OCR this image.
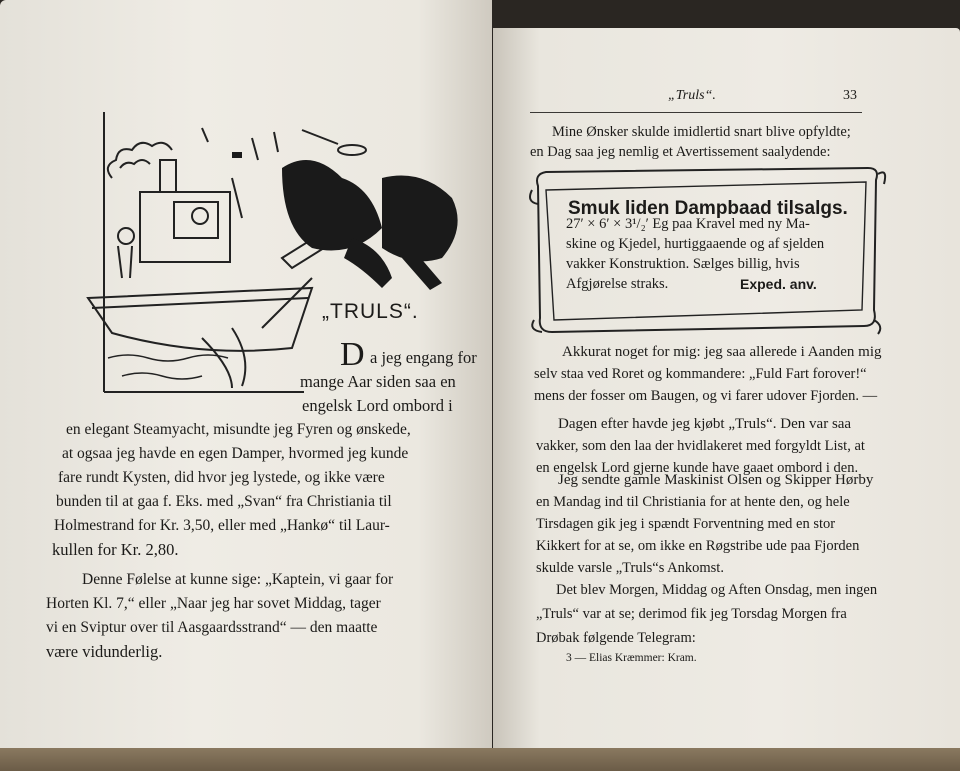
„TRULS“.
D a jeg engang for
mange Aar siden saa en
engelsk Lord ombord i
en elegant Steamyacht, misundte jeg Fyren og ønskede,
at ogsaa jeg havde en egen Damper, hvormed jeg kunde
fare rundt Kysten, did hvor jeg lystede, og ikke være
bunden til at gaa f. Eks. med „Svan“ fra Christiania til
Holmestrand for Kr. 3,50, eller med „Hankø“ til Laur-
kullen for Kr. 2,80.
Denne Følelse at kunne sige: „Kaptein, vi gaar for
Horten Kl. 7,“ eller „Naar jeg har sovet Middag, tager
vi en Sviptur over til Aasgaardsstrand“ — den maatte
være vidunderlig.
„Truls“.	33
Mine Ønsker skulde imidlertid snart blive opfyldte;
en Dag saa jeg nemlig et Avertissement saalydende:
Smuk liden Dampbaad tilsalgs.
27′ × 6′ × 3¹/₂′ Eg paa Kravel med ny Ma-
skine og Kjedel, hurtiggaaende og af sjelden
vakker Konstruktion. Sælges billig, hvis
Afgjørelse straks.	Exped. anv.
Akkurat noget for mig: jeg saa allerede i Aanden mig
selv staa ved Roret og kommandere: „Fuld Fart forover!“
mens der fosser om Baugen, og vi farer udover Fjorden. —
Dagen efter havde jeg kjøbt „Truls“. Den var saa
vakker, som den laa der hvidlakeret med forgyldt List, at
en engelsk Lord gjerne kunde have gaaet ombord i den.
Jeg sendte gamle Maskinist Olsen og Skipper Hørby
en Mandag ind til Christiania for at hente den, og hele
Tirsdagen gik jeg i spændt Forventning med en stor
Kikkert for at se, om ikke en Røgstribe ude paa Fjorden
skulde varsle „Truls“s Ankomst.
Det blev Morgen, Middag og Aften Onsdag, men ingen
„Truls“ var at se; derimod fik jeg Torsdag Morgen fra
Drøbak følgende Telegram:
3 — Elias Kræmmer: Kram.
